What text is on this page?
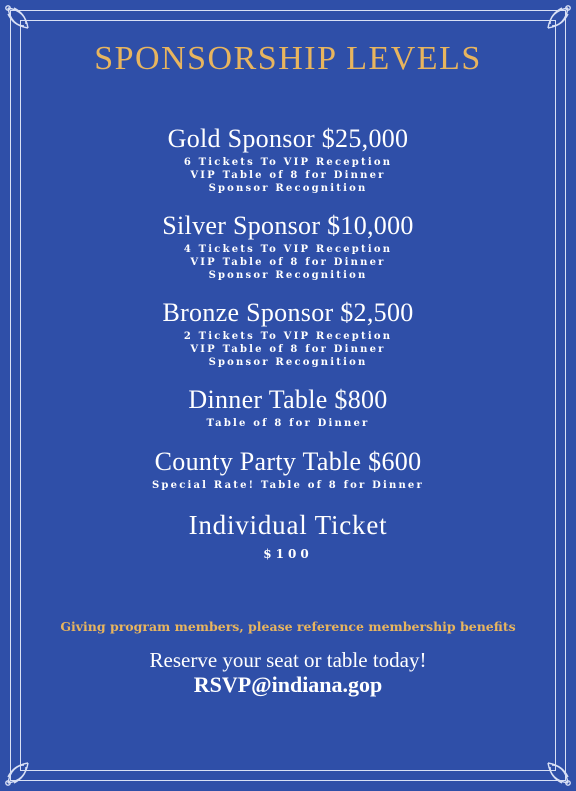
SPONSORSHIP LEVELS
Gold Sponsor $25,000
6 Tickets To VIP Reception
VIP Table of 8 for Dinner
Sponsor Recognition
Silver Sponsor $10,000
4 Tickets To VIP Reception
VIP Table of 8 for Dinner
Sponsor Recognition
Bronze Sponsor $2,500
2 Tickets To VIP Reception
VIP Table of 8 for Dinner
Sponsor Recognition
Dinner Table $800
Table of 8 for Dinner
County Party Table $600
Special Rate! Table of 8 for Dinner
Individual Ticket
$100
Giving program members, please reference membership benefits
Reserve your seat or table today!
RSVP@indiana.gop
